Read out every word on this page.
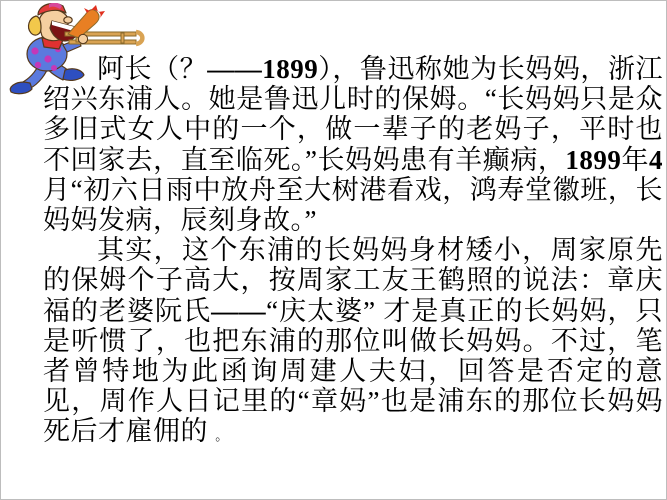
阿长（？——1899），鲁迅称她为长妈妈，浙江绍兴东浦人。她是鲁迅儿时的保姆。“长妈妈只是众多旧式女人中的一个，做一辈子的老妈子，平时也不回家去，直至临死。”长妈妈患有羊癫病，1899年4月“初六日雨中放舟至大树港看戏，鸿寿堂徽班，长妈妈发病，辰刻身故。”

其实，这个东浦的长妈妈身材矮小，周家原先的保姆个子高大，按周家工友王鹤照的说法：章庆福的老婆阮氏——“庆太婆” 才是真正的长妈妈，只是听惯了，也把东浦的那位叫做长妈妈。不过，笔者曾特地为此函询周建人夫妇，回答是否定的意见，周作人日记里的“章妈”也是浦东的那位长妈妈死后才雇佣的 。
